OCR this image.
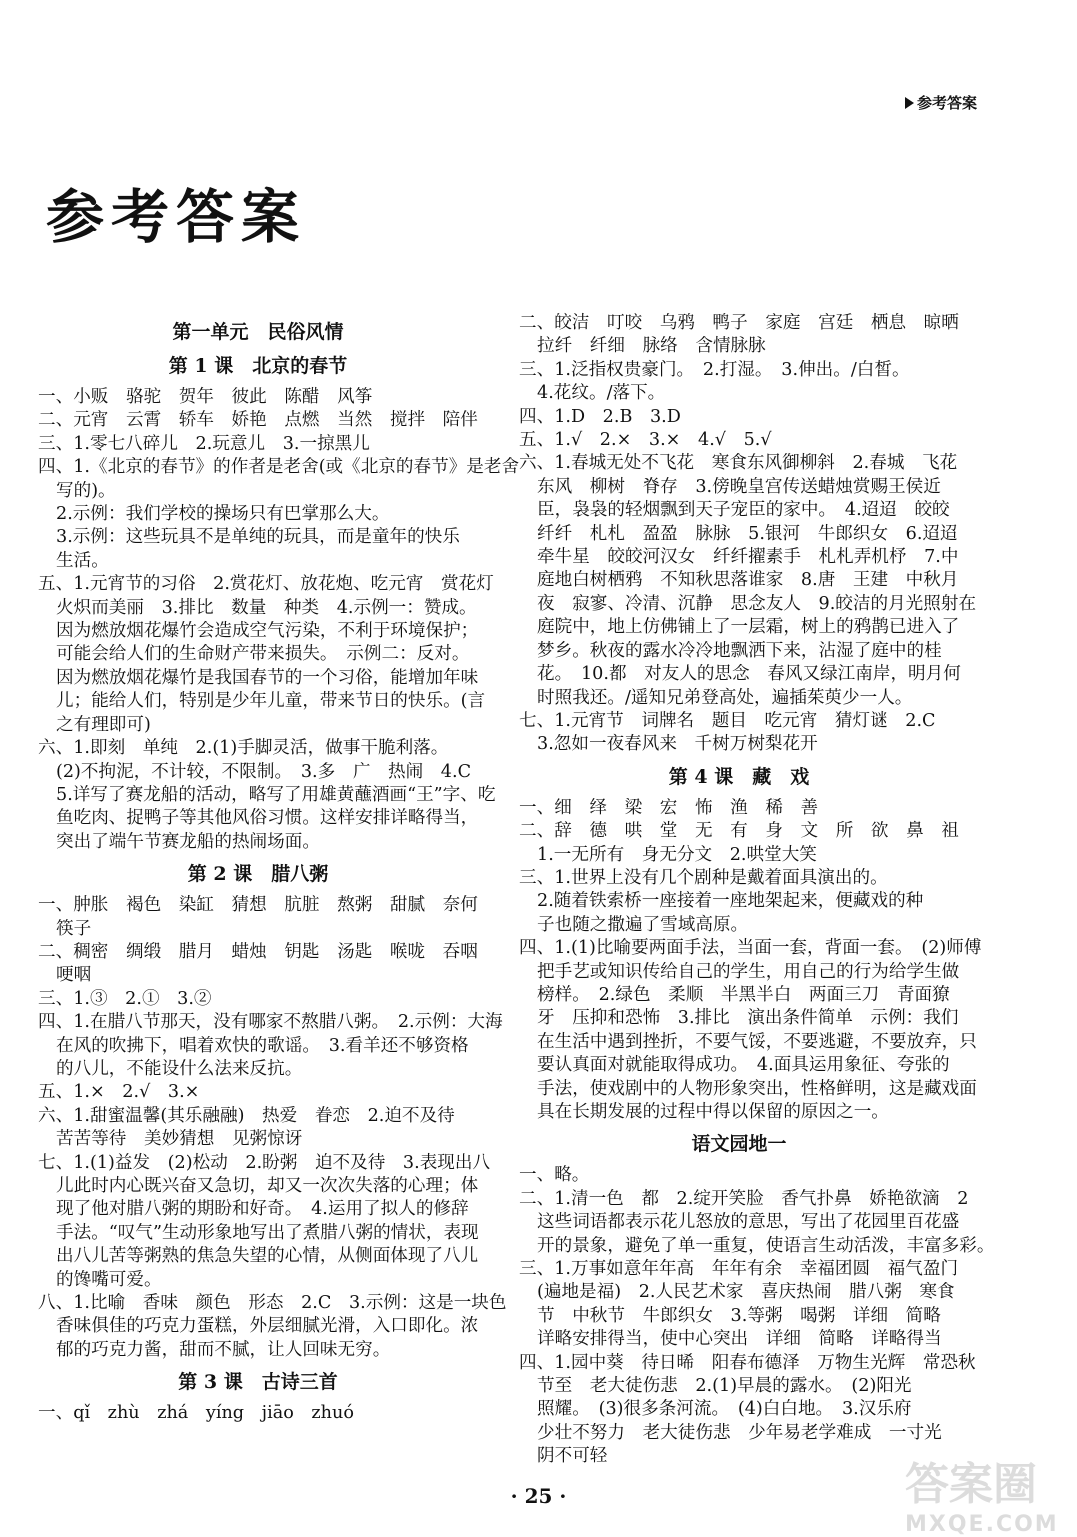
参考答案
参考答案
第一单元　民俗风情
第 1 课　北京的春节
一、小贩　骆驼　贺年　彼此　陈醋　风筝
二、元宵　云霄　轿车　娇艳　点燃　当然　搅拌　陪伴
三、1.零七八碎儿　2.玩意儿　3.一掠黑儿
四、1.《北京的春节》的作者是老舍(或《北京的春节》是老舍
写的)。
2.示例：我们学校的操场只有巴掌那么大。
3.示例：这些玩具不是单纯的玩具，而是童年的快乐
生活。
五、1.元宵节的习俗　2.赏花灯、放花炮、吃元宵　赏花灯
火炽而美丽　3.排比　数量　种类　4.示例一：赞成。
因为燃放烟花爆竹会造成空气污染，不利于环境保护；
可能会给人们的生命财产带来损失。　示例二：反对。
因为燃放烟花爆竹是我国春节的一个习俗，能增加年味
儿；能给人们，特别是少年儿童，带来节日的快乐。(言
之有理即可)
六、1.即刻　单纯　2.(1)手脚灵活，做事干脆利落。
(2)不拘泥，不计较，不限制。　3.多　广　热闹　4.C
5.详写了赛龙船的活动，略写了用雄黄蘸酒画“王”字、吃
鱼吃肉、捉鸭子等其他风俗习惯。这样安排详略得当，
突出了端午节赛龙船的热闹场面。
第 2 课　腊八粥
一、肿胀　褐色　染缸　猜想　肮脏　熬粥　甜腻　奈何
筷子
二、稠密　绸缎　腊月　蜡烛　钥匙　汤匙　喉咙　吞咽
哽咽
三、1.③　2.①　3.②
四、1.在腊八节那天，没有哪家不熬腊八粥。　2.示例：大海
在风的吹拂下，唱着欢快的歌谣。　3.看羊还不够资格
的八儿，不能设什么法来反抗。
五、1.×　2.√　3.×
六、1.甜蜜温馨(其乐融融)　热爱　眷恋　2.迫不及待
苦苦等待　美妙猜想　见粥惊讶
七、1.(1)益发　(2)松动　2.盼粥　迫不及待　3.表现出八
儿此时内心既兴奋又急切，却又一次次失落的心理；体
现了他对腊八粥的期盼和好奇。　4.运用了拟人的修辞
手法。“叹气”生动形象地写出了煮腊八粥的情状，表现
出八儿苦等粥熟的焦急失望的心情，从侧面体现了八儿
的馋嘴可爱。
八、1.比喻　香味　颜色　形态　2.C　3.示例：这是一块色
香味俱佳的巧克力蛋糕，外层细腻光滑，入口即化。浓
郁的巧克力酱，甜而不腻，让人回味无穷。
第 3 课　古诗三首
一、qǐ　zhù　zhá　yíng　jiāo　zhuó
二、皎洁　叮咬　乌鸦　鸭子　家庭　宫廷　栖息　晾晒
拉纤　纤细　脉络　含情脉脉
三、1.泛指权贵豪门。　2.打湿。　3.伸出。/白皙。
4.花纹。/落下。
四、1.D　2.B　3.D
五、1.√　2.×　3.×　4.√　5.√
六、1.春城无处不飞花　寒食东风御柳斜　2.春城　飞花
东风　柳树　脊存　3.傍晚皇宫传送蜡烛赏赐王侯近
臣，袅袅的轻烟飘到天子宠臣的家中。　4.迢迢　皎皎
纤纤　札札　盈盈　脉脉　5.银河　牛郎织女　6.迢迢
牵牛星　皎皎河汉女　纤纤擢素手　札札弄机杼　7.中
庭地白树栖鸦　不知秋思落谁家　8.唐　王建　中秋月
夜　寂寥、冷清、沉静　思念友人　9.皎洁的月光照射在
庭院中，地上仿佛铺上了一层霜，树上的鸦鹊已进入了
梦乡。秋夜的露水冷冷地飘洒下来，沾湿了庭中的桂
花。　10.都　对友人的思念　春风又绿江南岸，明月何
时照我还。/遥知兄弟登高处，遍插茱萸少一人。
七、1.元宵节　词牌名　题目　吃元宵　猜灯谜　2.C
3.忽如一夜春风来　千树万树梨花开
第 4 课　藏　戏
一、细　绎　梁　宏　怖　渔　稀　善
二、辞　德　哄　堂　无　有　身　文　所　欲　鼻　祖
1.一无所有　身无分文　2.哄堂大笑
三、1.世界上没有几个剧种是戴着面具演出的。
2.随着铁索桥一座接着一座地架起来，便藏戏的种
子也随之撒遍了雪域高原。
四、1.(1)比喻要两面手法，当面一套，背面一套。　(2)师傅
把手艺或知识传给自己的学生，用自己的行为给学生做
榜样。　2.绿色　柔顺　半黑半白　两面三刀　青面獠
牙　压抑和恐怖　3.排比　演出条件简单　示例：我们
在生活中遇到挫折，不要气馁，不要逃避，不要放弃，只
要认真面对就能取得成功。　4.面具运用象征、夸张的
手法，使戏剧中的人物形象突出，性格鲜明，这是藏戏面
具在长期发展的过程中得以保留的原因之一。
语文园地一
一、略。
二、1.清一色　都　2.绽开笑脸　香气扑鼻　娇艳欲滴　2
这些词语都表示花儿怒放的意思，写出了花园里百花盛
开的景象，避免了单一重复，使语言生动活泼，丰富多彩。
三、1.万事如意年年高　年年有余　幸福团圆　福气盈门
(遍地是福)　2.人民艺术家　喜庆热闹　腊八粥　寒食
节　中秋节　牛郎织女　3.等粥　喝粥　详细　简略
详略安排得当，使中心突出　详细　简略　详略得当
四、1.园中葵　待日晞　阳春布德泽　万物生光辉　常恐秋
节至　老大徒伤悲　2.(1)早晨的露水。　(2)阳光
照耀。　(3)很多条河流。　(4)白白地。　3.汉乐府
少壮不努力　老大徒伤悲　少年易老学难成　一寸光
阴不可轻
· 25 ·	答案圈
MXQE.COM
